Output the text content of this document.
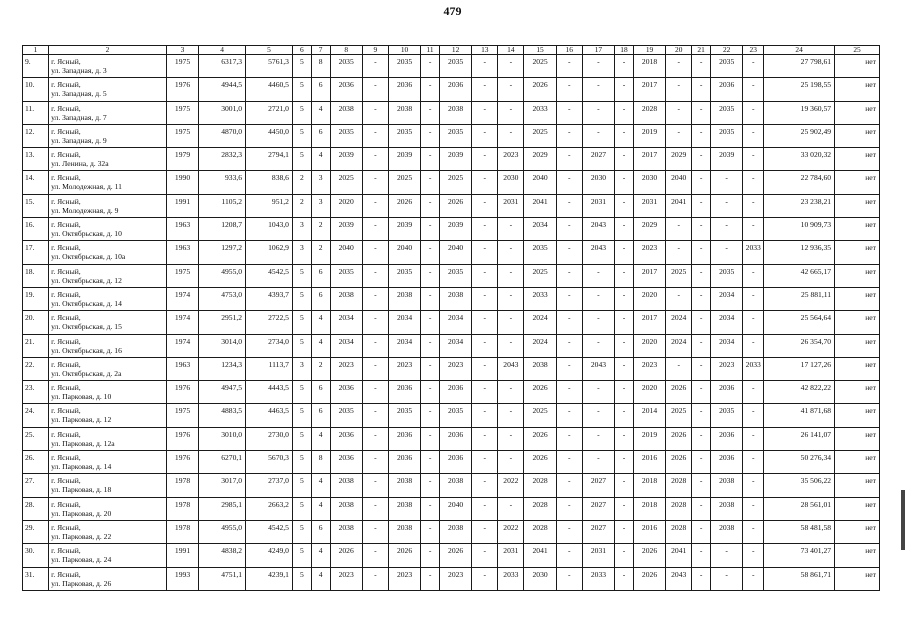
479
1	2	3	4	5	6	7	8	9	10	11	12	13	14	15	16	17	18	19	20	21	22	23	24	25
9.	г. Ясный,
ул. Западная, д. 3	1975	6317,3	5761,3	5	8	2035	-	2035	-	2035	-	-	2025	-	-	-	2018	-	-	2035	-	27 798,61	нет
10.	г. Ясный,
ул. Западная, д. 5	1976	4944,5	4460,5	5	6	2036	-	2036	-	2036	-	-	2026	-	-	-	2017	-	-	2036	-	25 198,55	нет
11.	г. Ясный,
ул. Западная, д. 7	1975	3001,0	2721,0	5	4	2038	-	2038	-	2038	-	-	2033	-	-	-	2028	-	-	2035	-	19 360,57	нет
12.	г. Ясный,
ул. Западная, д. 9	1975	4870,0	4450,0	5	6	2035	-	2035	-	2035	-	-	2025	-	-	-	2019	-	-	2035	-	25 902,49	нет
13.	г. Ясный,
ул. Ленина, д. 32а	1979	2832,3	2794,1	5	4	2039	-	2039	-	2039	-	2023	2029	-	2027	-	2017	2029	-	2039	-	33 020,32	нет
14.	г. Ясный,
ул. Молодежная, д. 11	1990	933,6	838,6	2	3	2025	-	2025	-	2025	-	2030	2040	-	2030	-	2030	2040	-	-	-	22 784,60	нет
15.	г. Ясный,
ул. Молодежная, д. 9	1991	1105,2	951,2	2	3	2020	-	2026	-	2026	-	2031	2041	-	2031	-	2031	2041	-	-	-	23 238,21	нет
16.	г. Ясный,
ул. Октябрьская, д. 10	1963	1208,7	1043,0	3	2	2039	-	2039	-	2039	-	-	2034	-	2043	-	2029	-	-	-	-	10 909,73	нет
17.	г. Ясный,
ул. Октябрьская, д. 10а	1963	1297,2	1062,9	3	2	2040	-	2040	-	2040	-	-	2035	-	2043	-	2023	-	-	-	2033	12 936,35	нет
18.	г. Ясный,
ул. Октябрьская, д. 12	1975	4955,0	4542,5	5	6	2035	-	2035	-	2035	-	-	2025	-	-	-	2017	2025	-	2035	-	42 665,17	нет
19.	г. Ясный,
ул. Октябрьская, д. 14	1974	4753,0	4393,7	5	6	2038	-	2038	-	2038	-	-	2033	-	-	-	2020	-	-	2034	-	25 881,11	нет
20.	г. Ясный,
ул. Октябрьская, д. 15	1974	2951,2	2722,5	5	4	2034	-	2034	-	2034	-	-	2024	-	-	-	2017	2024	-	2034	-	25 564,64	нет
21.	г. Ясный,
ул. Октябрьская, д. 16	1974	3014,0	2734,0	5	4	2034	-	2034	-	2034	-	-	2024	-	-	-	2020	2024	-	2034	-	26 354,70	нет
22.	г. Ясный,
ул. Октябрьская, д. 2а	1963	1234,3	1113,7	3	2	2023	-	2023	-	2023	-	2043	2038	-	2043	-	2023	-	-	2023	2033	17 127,26	нет
23.	г. Ясный,
ул. Парковая, д. 10	1976	4947,5	4443,5	5	6	2036	-	2036	-	2036	-	-	2026	-	-	-	2020	2026	-	2036	-	42 822,22	нет
24.	г. Ясный,
ул. Парковая, д. 12	1975	4883,5	4463,5	5	6	2035	-	2035	-	2035	-	-	2025	-	-	-	2014	2025	-	2035	-	41 871,68	нет
25.	г. Ясный,
ул. Парковая, д. 12а	1976	3010,0	2730,0	5	4	2036	-	2036	-	2036	-	-	2026	-	-	-	2019	2026	-	2036	-	26 141,07	нет
26.	г. Ясный,
ул. Парковая, д. 14	1976	6270,1	5670,3	5	8	2036	-	2036	-	2036	-	-	2026	-	-	-	2016	2026	-	2036	-	50 276,34	нет
27.	г. Ясный,
ул. Парковая, д. 18	1978	3017,0	2737,0	5	4	2038	-	2038	-	2038	-	2022	2028	-	2027	-	2018	2028	-	2038	-	35 506,22	нет
28.	г. Ясный,
ул. Парковая, д. 20	1978	2985,1	2663,2	5	4	2038	-	2038	-	2040	-	-	2028	-	2027	-	2018	2028	-	2038	-	28 561,01	нет
29.	г. Ясный,
ул. Парковая, д. 22	1978	4955,0	4542,5	5	6	2038	-	2038	-	2038	-	2022	2028	-	2027	-	2016	2028	-	2038	-	58 481,58	нет
30.	г. Ясный,
ул. Парковая, д. 24	1991	4838,2	4249,0	5	4	2026	-	2026	-	2026	-	2031	2041	-	2031	-	2026	2041	-	-	-	73 401,27	нет
31.	г. Ясный,
ул. Парковая, д. 26	1993	4751,1	4239,1	5	4	2023	-	2023	-	2023	-	2033	2030	-	2033	-	2026	2043	-	-	-	58 861,71	нет
